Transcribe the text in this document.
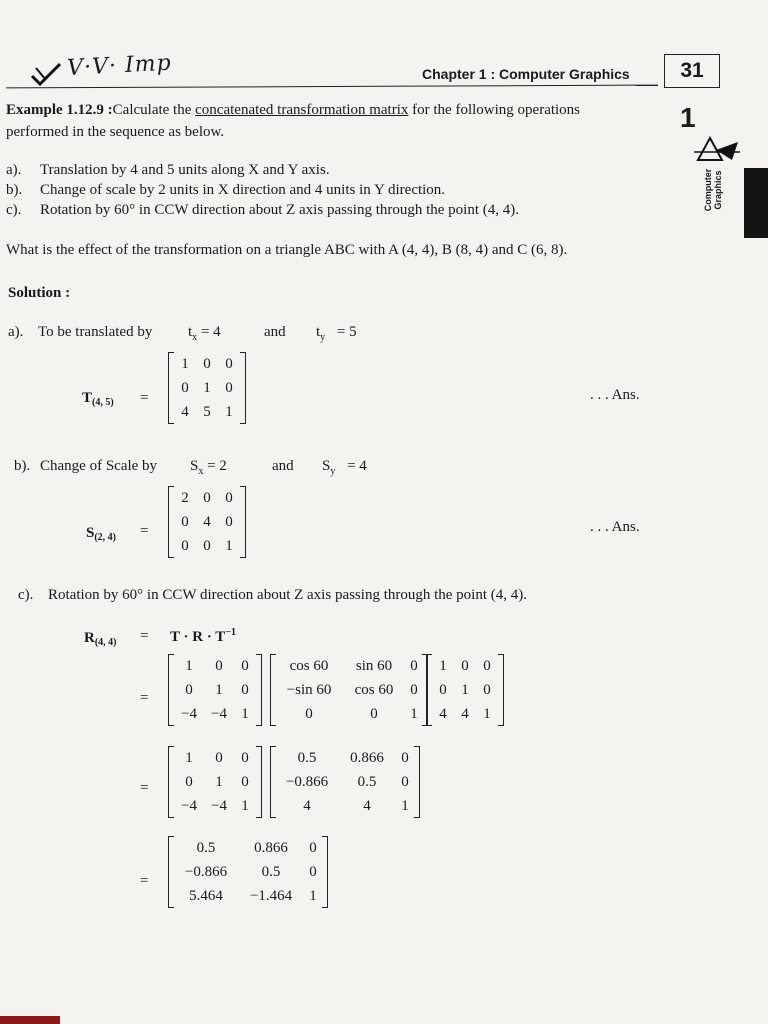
V·V· Imp	Chapter 1 : Computer Graphics	31
1
Computer Graphics
Example 1.12.9 :Calculate the concatenated transformation matrix for the following operations
performed in the sequence as below.
a). Translation by 4 and 5 units along X and Y axis.
b). Change of scale by 2 units in X direction and 4 units in Y direction.
c). Rotation by 60° in CCW direction about Z axis passing through the point (4, 4).
What is the effect of the transformation on a triangle ABC with A (4, 4), B (8, 4) and C (6, 8).
Solution :
a). To be translated by $t_x = 4$	and $t_y = 5$
$T_{(4, 5)}$ =
1 0 0
0 1 0
4 5 1
. . . Ans.
b). Change of Scale by $S_x = 2$	and $S_y = 4$
$S_{(2, 4)}$ =
2 0 0
0 4 0
0 0 1
. . . Ans.
c). Rotation by 60° in CCW direction about Z axis passing through the point (4, 4).
$R_{(4, 4)} = T \cdot R \cdot T^{-1}$
=
1	0	0
0	1	0
−4 −4 1
cos 60	sin 60	0
−sin 60	cos 60	0
0	0	1
1 0 0
0 1 0
4 4 1
=
1	0	0
0	1	0
−4 −4 1
0.5	0.866	0
−0.866	0.5	0
4	4	1
=
0.5	0.866	0
−0.866	0.5	0
5.464	−1.464	1
